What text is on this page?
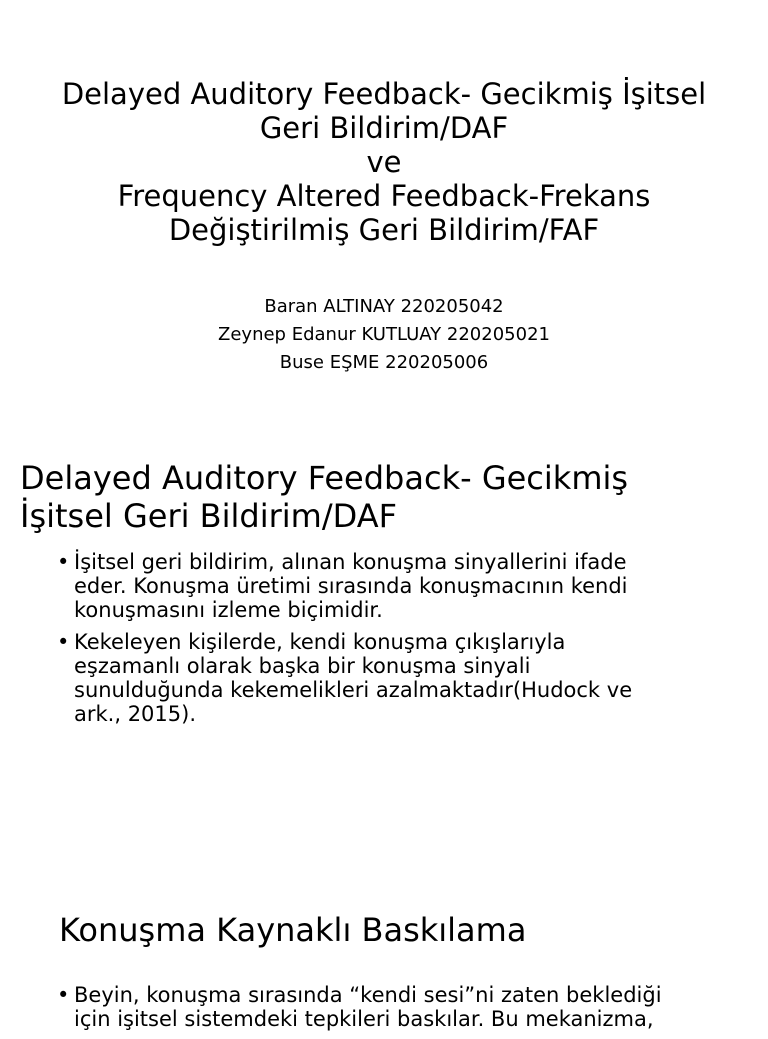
Delayed Auditory Feedback- Gecikmiş İşitsel
Geri Bildirim/DAF
ve
Frequency Altered Feedback-Frekans
Değiştirilmiş Geri Bildirim/FAF
Baran ALTINAY 220205042
Zeynep Edanur KUTLUAY 220205021
Buse EŞME 220205006
Delayed Auditory Feedback- Gecikmiş
İşitsel Geri Bildirim/DAF
• İşitsel geri bildirim, alınan konuşma sinyallerini ifade
eder. Konuşma üretimi sırasında konuşmacının kendi
konuşmasını izleme biçimidir.
• Kekeleyen kişilerde, kendi konuşma çıkışlarıyla
eşzamanlı olarak başka bir konuşma sinyali
sunulduğunda kekemelikleri azalmaktadır(Hudock ve
ark., 2015).
Konuşma Kaynaklı Baskılama
• Beyin, konuşma sırasında “kendi sesi”ni zaten beklediği
için işitsel sistemdeki tepkileri baskılar. Bu mekanizma,
